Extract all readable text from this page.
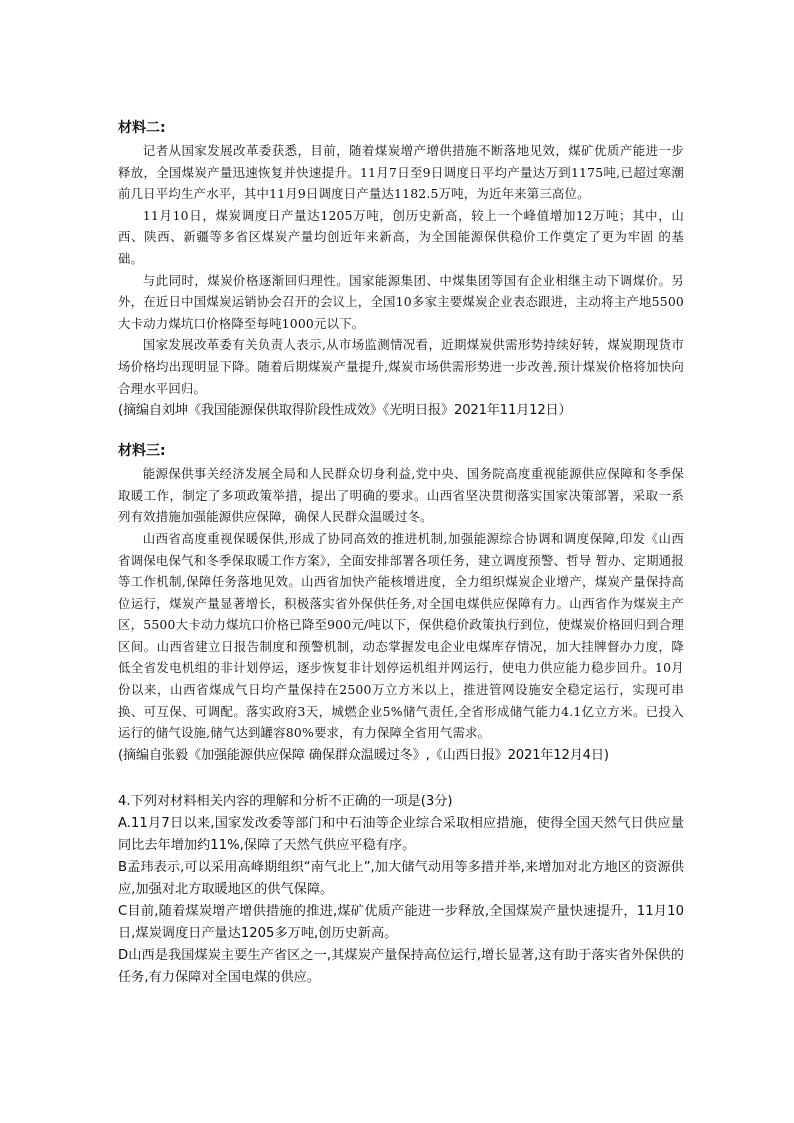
材料二:

记者从国家发展改革委获悉，目前，随着煤炭增产增供措施不断落地见效，煤矿优质产能进一步释放，全国煤炭产量迅速恢复并快速提升。11月7日至9日调度日平均产量达万到1175吨,已超过寒潮前几日平均生产水平，其中11月9日调度日产量达1182.5万吨，为近年来第三高位。

11月10日，煤炭调度日产量达1205万吨，创历史新高，较上一个峰值增加12万吨；其中，山西、陕西、新疆等多省区煤炭产量均创近年来新高，为全国能源保供稳价工作奠定了更为牢固 的基础。

与此同时，煤炭价格逐渐回归理性。国家能源集团、中煤集团等国有企业相继主动下调煤价。另外，在近日中国煤炭运销协会召开的会议上，全国10多家主要煤炭企业表态跟进，主动将主产地5500大卡动力煤坑口价格降至每吨1000元以下。

国家发展改革委有关负责人表示,从市场监测情况看，近期煤炭供需形势持续好转，煤炭期现货市场价格均出现明显下降。随着后期煤炭产量提升,煤炭市场供需形势进一步改善,预计煤炭价格将加快向合理水平回归。

(摘编自刘坤《我国能源保供取得阶段性成效》《光明日报》2021年11月12日）
材料三:

能源保供事关经济发展全局和人民群众切身利益,党中央、国务院高度重视能源供应保障和冬季保取暖工作，制定了多项政策举措，提出了明确的要求。山西省坚决贯彻落实国家决策部署，采取一系列有效措施加强能源供应保障，确保人民群众温暖过冬。

山西省高度重视保暖保供,形成了协同高效的推进机制,加强能源综合协调和调度保障,印发《山西省调保电保气和冬季保取暖工作方案》，全面安排部署各项任务，建立调度预警、哲导 暂办、定期通报等工作机制,保障任务落地见效。山西省加快产能核增进度，全力组织煤炭企业增产，煤炭产量保持高位运行，煤炭产量显著增长，积极落实省外保供任务,对全国电煤供应保障有力。山西省作为煤炭主产区，5500大卡动力煤坑口价格已降至900元/吨以下，保供稳价政策执行到位，使煤炭价格回归到合理区间。山西省建立日报告制度和预警机制，动态掌握发电企业电煤库存情况，加大挂牌督办力度，降低全省发电机组的非计划停运，逐步恢复非计划停运机组并网运行，使电力供应能力稳步回升。10月份以来，山西省煤成气日均产量保持在2500万立方米以上，推进管网设施安全稳定运行，实现可串换、可互保、可调配。落实政府3天，城燃企业5%储气责任,全省形成储气能力4.1亿立方米。已投入运行的储气设施,储气达到罐容80%要求，有力保障全省用气需求。

(摘编自张毅《加强能源供应保障 确保群众温暖过冬》,《山西日报》2021年12月4日)
4.下列对材料相关内容的理解和分析不正确的一项是(3分)
A.11月7日以来,国家发改委等部门和中石油等企业综合采取相应措施，使得全国天然气日供应量同比去年增加约11%,保障了天然气供应平稳有序。
B孟玮表示,可以采用高峰期组织“南气北上”,加大储气动用等多措并举,来增加对北方地区的资源供应,加强对北方取暖地区的供气保障。
C目前,随着煤炭增产增供措施的推进,煤矿优质产能进一步释放,全国煤炭产量快速提升，11月10日,煤炭调度日产量达1205多万吨,创历史新高。
D山西是我国煤炭主要生产省区之一,其煤炭产量保持高位运行,增长显著,这有助于落实省外保供的任务,有力保障对全国电煤的供应。
